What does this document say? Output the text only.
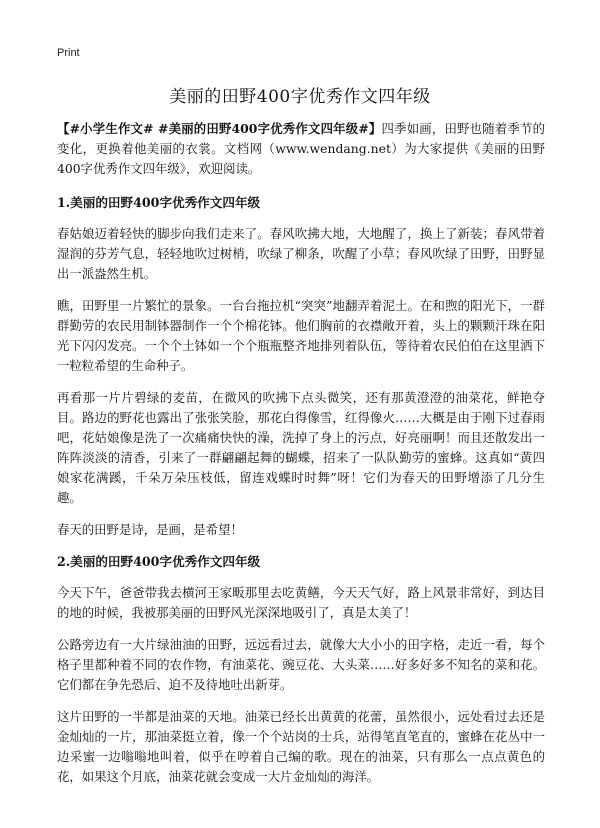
Print
美丽的田野400字优秀作文四年级

【#小学生作文# #美丽的田野400字优秀作文四年级#】四季如画，田野也随着季节的变化，更换着他美丽的衣裳。文档网（www.wendang.net）为大家提供《美丽的田野400字优秀作文四年级》，欢迎阅读。

1.美丽的田野400字优秀作文四年级

春姑娘迈着轻快的脚步向我们走来了。春风吹拂大地，大地醒了，换上了新装；春风带着湿润的芬芳气息，轻轻地吹过树梢，吹绿了柳条，吹醒了小草；春风吹绿了田野，田野显出一派盎然生机。

瞧，田野里一片繁忙的景象。一台台拖拉机“突突”地翻弄着泥土。在和煦的阳光下，一群群勤劳的农民用制钵器制作一个个棉花钵。他们胸前的衣襟敞开着，头上的颗颗汗珠在阳光下闪闪发亮。一个个土钵如一个个瓶瓶整齐地排列着队伍，等待着农民伯伯在这里洒下一粒粒希望的生命种子。

再看那一片片碧绿的麦苗，在微风的吹拂下点头微笑，还有那黄澄澄的油菜花，鲜艳夺目。路边的野花也露出了张张笑脸，那花白得像雪，红得像火……大概是由于刚下过春雨吧，花姑娘像是洗了一次痛痛快快的澡，洗掉了身上的污点，好亮丽啊！而且还散发出一阵阵淡淡的清香，引来了一群翩翩起舞的蝴蝶，招来了一队队勤劳的蜜蜂。这真如“黄四娘家花满蹊，千朵万朵压枝低，留连戏蝶时时舞”呀！它们为春天的田野增添了几分生趣。

春天的田野是诗，是画，是希望！

2.美丽的田野400字优秀作文四年级

今天下午，爸爸带我去横河王家畈那里去吃黄鳝，今天天气好，路上风景非常好，到达目的地的时候，我被那美丽的田野风光深深地吸引了，真是太美了！

公路旁边有一大片绿油油的田野，远远看过去，就像大大小小的田字格，走近一看，每个格子里都种着不同的农作物，有油菜花、豌豆花、大头菜……好多好多不知名的菜和花。它们都在争先恐后、迫不及待地吐出新芽。

这片田野的一半都是油菜的天地。油菜已经长出黄黄的花蕾，虽然很小，远处看过去还是金灿灿的一片，那油菜挺立着，像一个个站岗的士兵，站得笔直笔直的，蜜蜂在花丛中一边采蜜一边嗡嗡地叫着，似乎在哼着自己编的歌。现在的油菜，只有那么一点点黄色的花，如果这个月底，油菜花就会变成一大片金灿灿的海洋。
